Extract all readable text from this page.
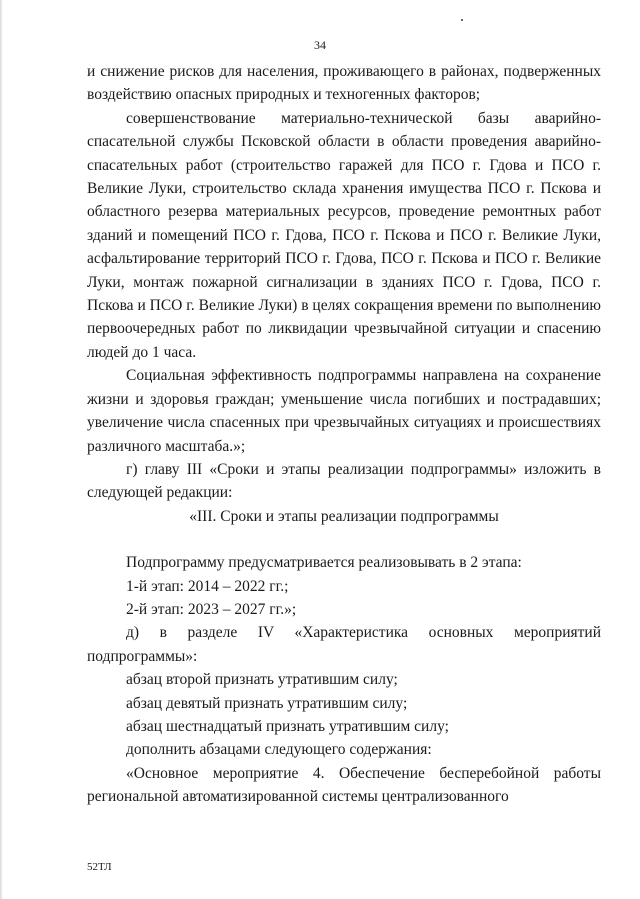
34

и снижение рисков для населения, проживающего в районах, подверженных воздействию опасных природных и техногенных факторов;

совершенствование материально-технической базы аварийно-спасательной службы Псковской области в области проведения аварийно-спасательных работ (строительство гаражей для ПСО г. Гдова и ПСО г. Великие Луки, строительство склада хранения имущества ПСО г. Пскова и областного резерва материальных ресурсов, проведение ремонтных работ зданий и помещений ПСО г. Гдова, ПСО г. Пскова и ПСО г. Великие Луки, асфальтирование территорий ПСО г. Гдова, ПСО г. Пскова и ПСО г. Великие Луки, монтаж пожарной сигнализации в зданиях ПСО г. Гдова, ПСО г. Пскова и ПСО г. Великие Луки) в целях сокращения времени по выполнению первоочередных работ по ликвидации чрезвычайной ситуации и спасению людей до 1 часа.

Социальная эффективность подпрограммы направлена на сохранение жизни и здоровья граждан; уменьшение числа погибших и пострадавших; увеличение числа спасенных при чрезвычайных ситуациях и происшествиях различного масштаба.»;

г) главу III «Сроки и этапы реализации подпрограммы» изложить в следующей редакции:

«III. Сроки и этапы реализации подпрограммы

Подпрограмму предусматривается реализовывать в 2 этапа:

1-й этап: 2014 – 2022 гг.;

2-й этап: 2023 – 2027 гг.»;

д) в разделе IV «Характеристика основных мероприятий подпрограммы»:

абзац второй признать утратившим силу;

абзац девятый признать утратившим силу;

абзац шестнадцатый признать утратившим силу;

дополнить абзацами следующего содержания:

«Основное мероприятие 4. Обеспечение бесперебойной работы региональной автоматизированной системы централизованного

52ТЛ
